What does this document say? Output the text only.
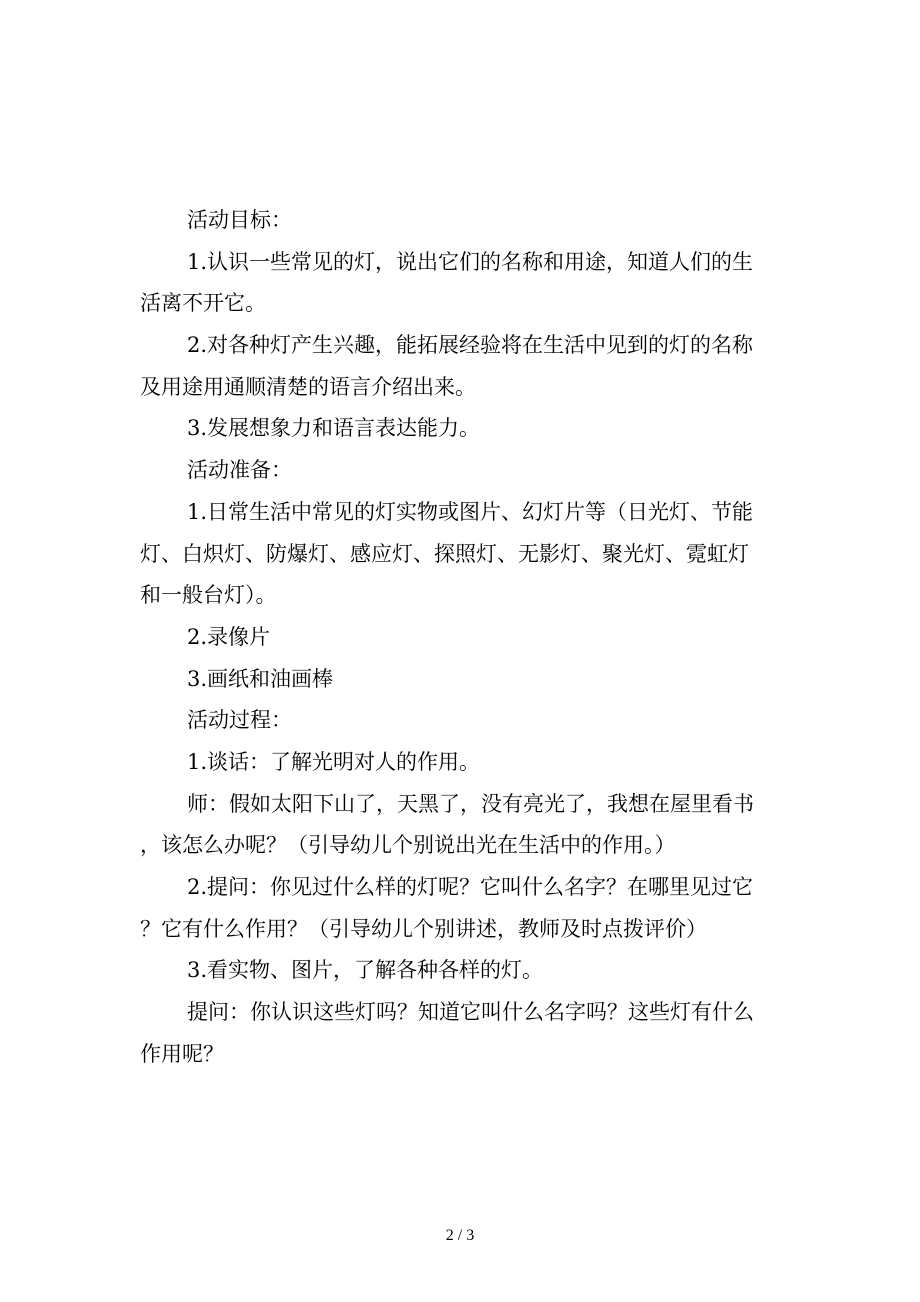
活动目标：

1.认识一些常见的灯，说出它们的名称和用途，知道人们的生

活离不开它。

2.对各种灯产生兴趣，能拓展经验将在生活中见到的灯的名称

及用途用通顺清楚的语言介绍出来。

3.发展想象力和语言表达能力。

活动准备：

1.日常生活中常见的灯实物或图片、幻灯片等（日光灯、节能

灯、白炽灯、防爆灯、感应灯、探照灯、无影灯、聚光灯、霓虹灯

和一般台灯）。

2.录像片

3.画纸和油画棒

活动过程：

1.谈话：了解光明对人的作用。

师：假如太阳下山了，天黑了，没有亮光了，我想在屋里看书

，该怎么办呢？（引导幼儿个别说出光在生活中的作用。）

2.提问：你见过什么样的灯呢？它叫什么名字？在哪里见过它

？它有什么作用？（引导幼儿个别讲述，教师及时点拨评价）

3.看实物、图片，了解各种各样的灯。

提问：你认识这些灯吗？知道它叫什么名字吗？这些灯有什么

作用呢？

2 / 3
